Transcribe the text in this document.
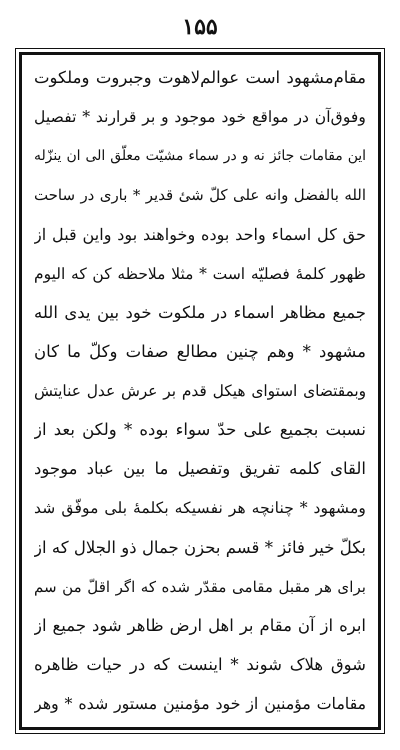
۱۵۵
مقام‌مشهود است عوالم‌لاهوت وجبروت وملکوت
وفوق‌آن در مواقع خود موجود و بر قرارند * تفصیل
این مقامات جائز نه و در سماء مشیّت معلّق الی ان ینزّله
الله بالفضل وانه علی کلّ شیٔ قدیر * باری در ساحت
حق کل اسماء واحد بوده وخواهند بود واین قبل از
ظهور کلمهٔ فصلیّه است * مثلا ملاحظه کن که الیوم
جمیع مظاهر اسماء در ملکوت خود بین یدی الله
مشهود * وهم چنین مطالع صفات وکلّ ما کان
وبمقتضای استوای هیکل قدم بر عرش عدل عنایتش
نسبت بجمیع علی حدّ سواء بوده * ولکن بعد از
القای کلمه تفریق وتفصیل ما بین عباد موجود
ومشهود * چنانچه هر نفسیکه بکلمهٔ بلی موفّق شد
بکلّ خیر فائز * قسم بحزن جمال ذو الجلال که از
برای هر مقبل مقامی مقدّر شده که اگر اقلّ من سم
ابره از آن مقام بر اهل ارض ظاهر شود جمیع از
شوق هلاک شوند * اینست که در حیات ظاهره
مقامات مؤمنین از خود مؤمنین مستور شده * وهر
